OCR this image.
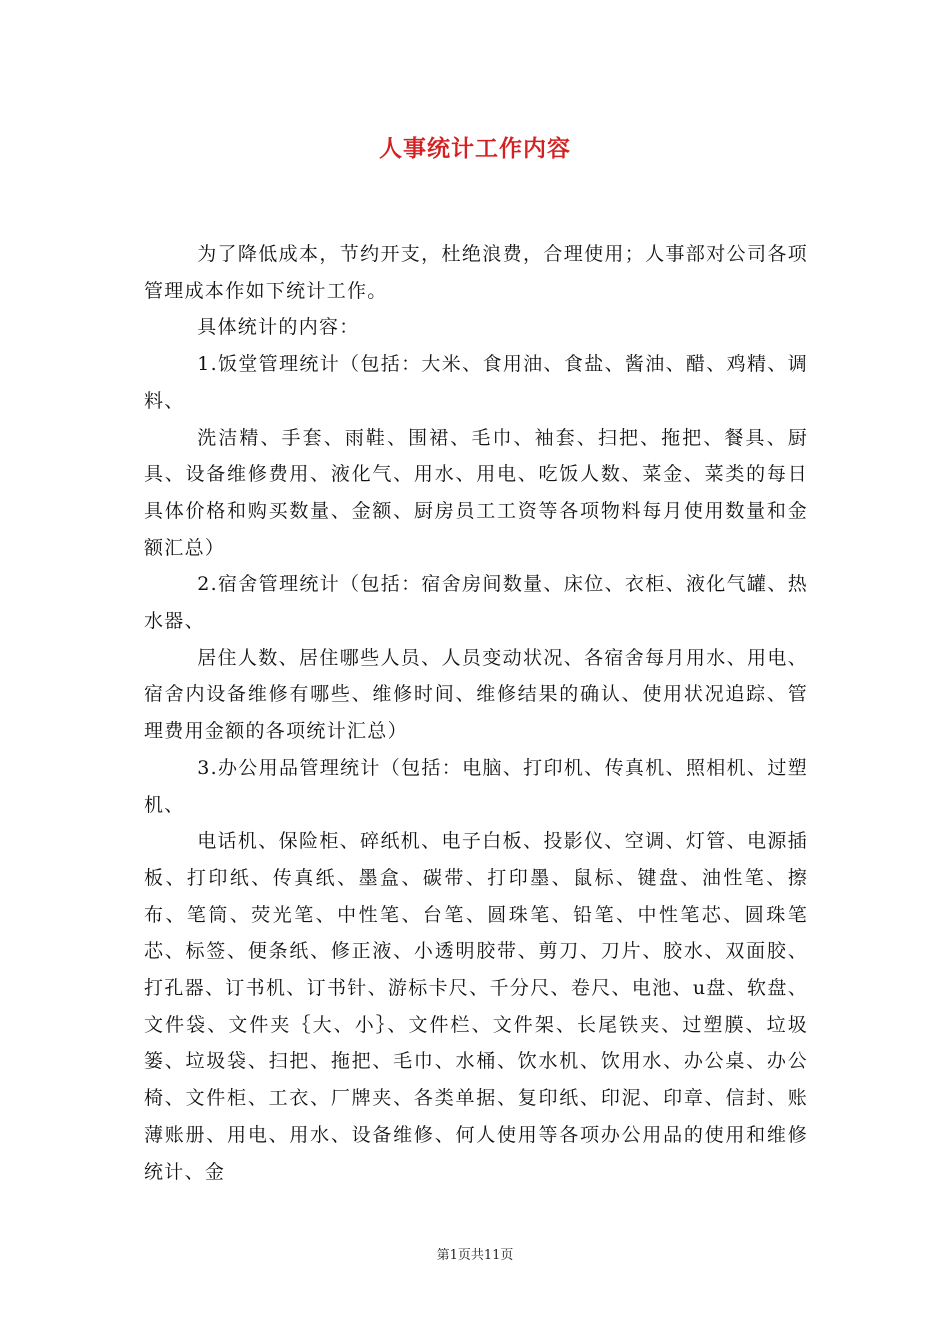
人事统计工作内容

为了降低成本，节约开支，杜绝浪费，合理使用；人事部对公司各项管理成本作如下统计工作。

具体统计的内容：

1.饭堂管理统计（包括：大米、食用油、食盐、酱油、醋、鸡精、调料、

洗洁精、手套、雨鞋、围裙、毛巾、袖套、扫把、拖把、餐具、厨具、设备维修费用、液化气、用水、用电、吃饭人数、菜金、菜类的每日具体价格和购买数量、金额、厨房员工工资等各项物料每月使用数量和金额汇总）

2.宿舍管理统计（包括：宿舍房间数量、床位、衣柜、液化气罐、热水器、

居住人数、居住哪些人员、人员变动状况、各宿舍每月用水、用电、宿舍内设备维修有哪些、维修时间、维修结果的确认、使用状况追踪、管理费用金额的各项统计汇总）

3.办公用品管理统计（包括：电脑、打印机、传真机、照相机、过塑机、

电话机、保险柜、碎纸机、电子白板、投影仪、空调、灯管、电源插板、打印纸、传真纸、墨盒、碳带、打印墨、鼠标、键盘、油性笔、擦布、笔筒、荧光笔、中性笔、台笔、圆珠笔、铅笔、中性笔芯、圆珠笔芯、标签、便条纸、修正液、小透明胶带、剪刀、刀片、胶水、双面胶、打孔器、订书机、订书针、游标卡尺、千分尺、卷尺、电池、u盘、软盘、文件袋、文件夹｛大、小｝、文件栏、文件架、长尾铁夹、过塑膜、垃圾篓、垃圾袋、扫把、拖把、毛巾、水桶、饮水机、饮用水、办公桌、办公椅、文件柜、工衣、厂牌夹、各类单据、复印纸、印泥、印章、信封、账薄账册、用电、用水、设备维修、何人使用等各项办公用品的使用和维修统计、金

第1页共11页
